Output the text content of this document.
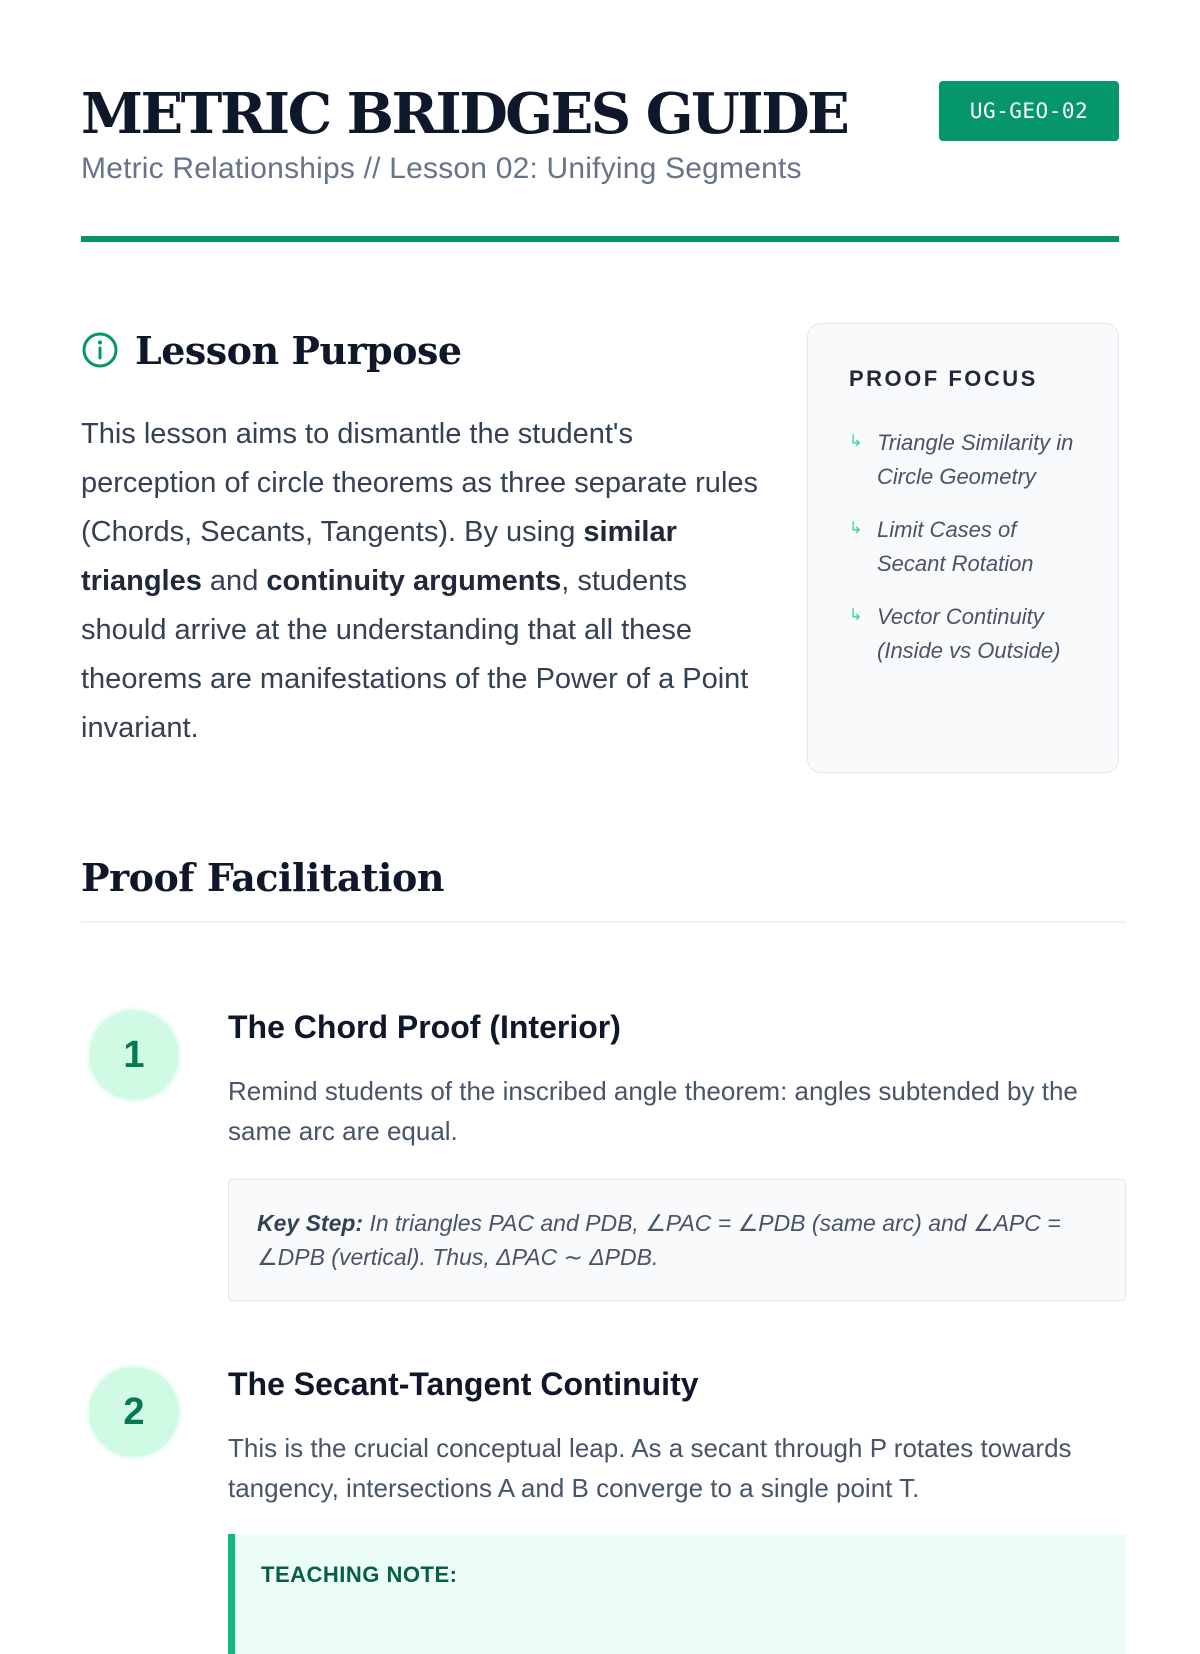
METRIC BRIDGES GUIDE
Metric Relationships // Lesson 02: Unifying Segments
UG-GEO-02
Lesson Purpose

This lesson aims to dismantle the student's perception of circle theorems as three separate rules (Chords, Secants, Tangents). By using similar triangles and continuity arguments, students should arrive at the understanding that all these theorems are manifestations of the Power of a Point invariant.

PROOF FOCUS
↳ Triangle Similarity in Circle Geometry
↳ Limit Cases of Secant Rotation
↳ Vector Continuity (Inside vs Outside)
Proof Facilitation
1
The Chord Proof (Interior)
Remind students of the inscribed angle theorem: angles subtended by the same arc are equal.
Key Step: In triangles PAC and PDB, ∠PAC = ∠PDB (same arc) and ∠APC = ∠DPB (vertical). Thus, ΔPAC ∼ ΔPDB.
2
The Secant-Tangent Continuity
This is the crucial conceptual leap. As a secant through P rotates towards tangency, intersections A and B converge to a single point T.
TEACHING NOTE:
